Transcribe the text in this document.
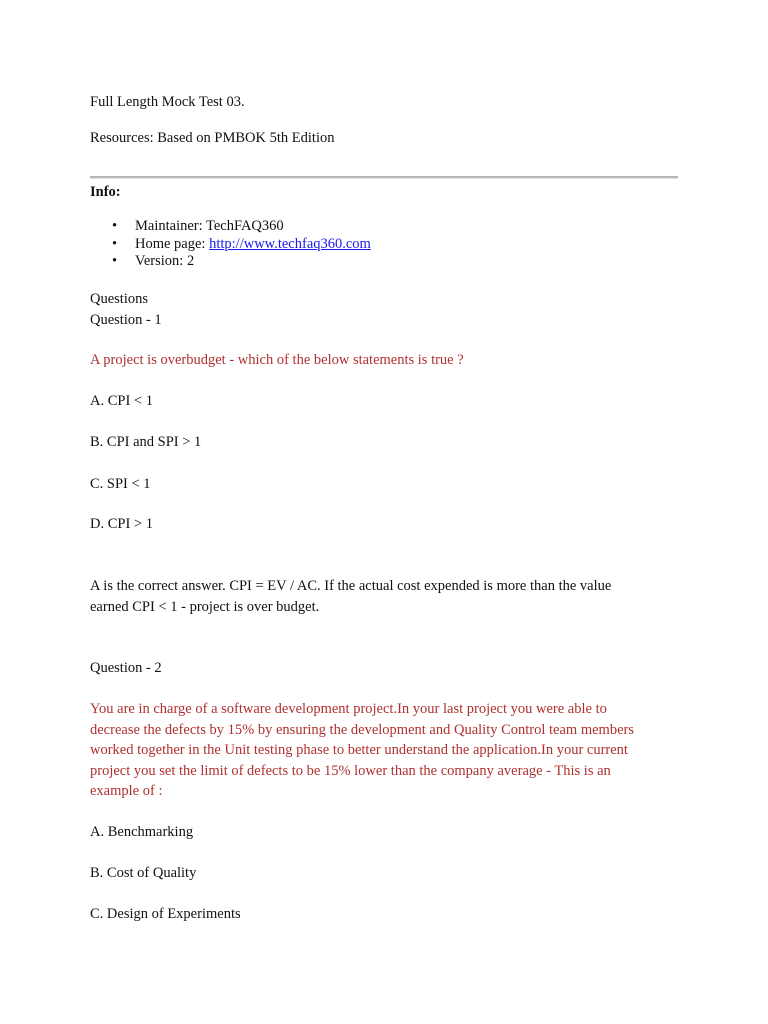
Full Length Mock Test 03.
Resources: Based on PMBOK 5th Edition
Info:
• Maintainer: TechFAQ360
• Home page: http://www.techfaq360.com
• Version: 2
Questions
Question - 1
A project is overbudget - which of the below statements is true ?
A. CPI < 1
B. CPI and SPI > 1
C. SPI < 1
D. CPI > 1
A is the correct answer. CPI = EV / AC. If the actual cost expended is more than the value earned CPI < 1 - project is over budget.
Question - 2
You are in charge of a software development project.In your last project you were able to decrease the defects by 15% by ensuring the development and Quality Control team members worked together in the Unit testing phase to better understand the application.In your current project you set the limit of defects to be 15% lower than the company average - This is an example of :
A. Benchmarking
B. Cost of Quality
C. Design of Experiments
